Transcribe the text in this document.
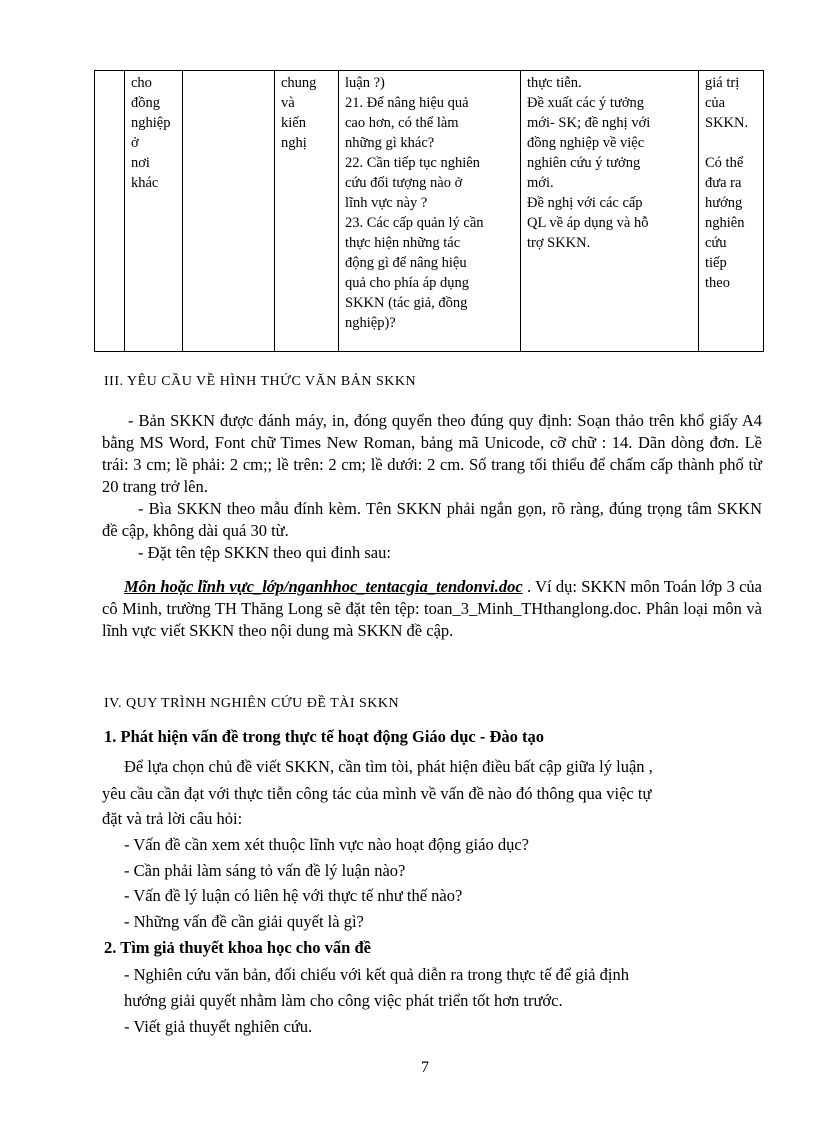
	cho
đồng
nghiệp
ở
nơi
khác		chung
và
kiến
nghị	luận ?)
21. Để nâng hiệu quả
cao hơn, có thể làm
những gì khác?
22. Cần tiếp tục nghiên
cứu đối tượng nào ở
lĩnh vực này ?
23. Các cấp quản lý cần
thực hiện những tác
động gì để nâng hiệu
quả cho phía áp dụng
SKKN (tác giả, đồng
nghiệp)?	thực tiễn.
Đề xuất các ý tưởng
mới- SK; đề nghị với
đồng nghiệp về việc
nghiên cứu ý tưởng
mới.
Đề nghị với các cấp
QL về áp dụng và hỗ
trợ SKKN.	giá trị
của
SKKN.

Có thể
đưa ra
hướng
nghiên
cứu
tiếp
theo
III. YÊU CẦU VỀ HÌNH THỨC VĂN BẢN SKKN
- Bản SKKN được đánh máy, in, đóng quyển theo đúng quy định: Soạn thảo trên khổ giấy A4 bằng MS Word, Font chữ Times New Roman, bảng mã Unicode, cỡ chữ : 14. Dãn dòng đơn. Lề trái: 3 cm; lề phải: 2 cm;; lề trên: 2 cm; lề dưới: 2 cm. Số trang tối thiểu để chấm cấp thành phố từ 20 trang trở lên.
- Bìa SKKN theo mẫu đính kèm. Tên SKKN phải ngắn gọn, rõ ràng, đúng trọng tâm SKKN đề cập, không dài quá 30 từ.
- Đặt tên tệp SKKN theo qui đinh sau:
Môn hoặc lĩnh vực_lớp/nganhhoc_tentacgia_tendonvi.doc . Ví dụ: SKKN môn Toán lớp 3 của cô Minh, trường TH Thăng Long sẽ đặt tên tệp: toan_3_Minh_THthanglong.doc. Phân loại môn và lĩnh vực viết SKKN theo nội dung mà SKKN đề cập.
IV. QUY TRÌNH NGHIÊN CỨU ĐỀ TÀI SKKN
1. Phát hiện vấn đề trong thực tế hoạt động Giáo dục - Đào tạo
Để lựa chọn chủ đề viết SKKN, cần tìm tòi, phát hiện điều bất cập giữa lý luận ,
yêu cầu cần đạt với thực tiễn công tác của mình về vấn đề nào đó thông qua việc tự
đặt và trả lời câu hỏi:
- Vấn đề cần xem xét thuộc lĩnh vực nào hoạt động giáo dục?
- Cần phải làm sáng tỏ vấn đề lý luận nào?
- Vấn đề lý luận có liên hệ với thực tế như thế nào?
- Những vấn đề cần giải quyết là gì?
2. Tìm giả thuyết khoa học cho vấn đề
- Nghiên cứu văn bản, đối chiếu với kết quả diễn ra trong thực tế để giả định
hướng giải quyết nhằm làm cho công việc phát triển tốt hơn trước.
- Viết giả thuyết nghiên cứu.
7
